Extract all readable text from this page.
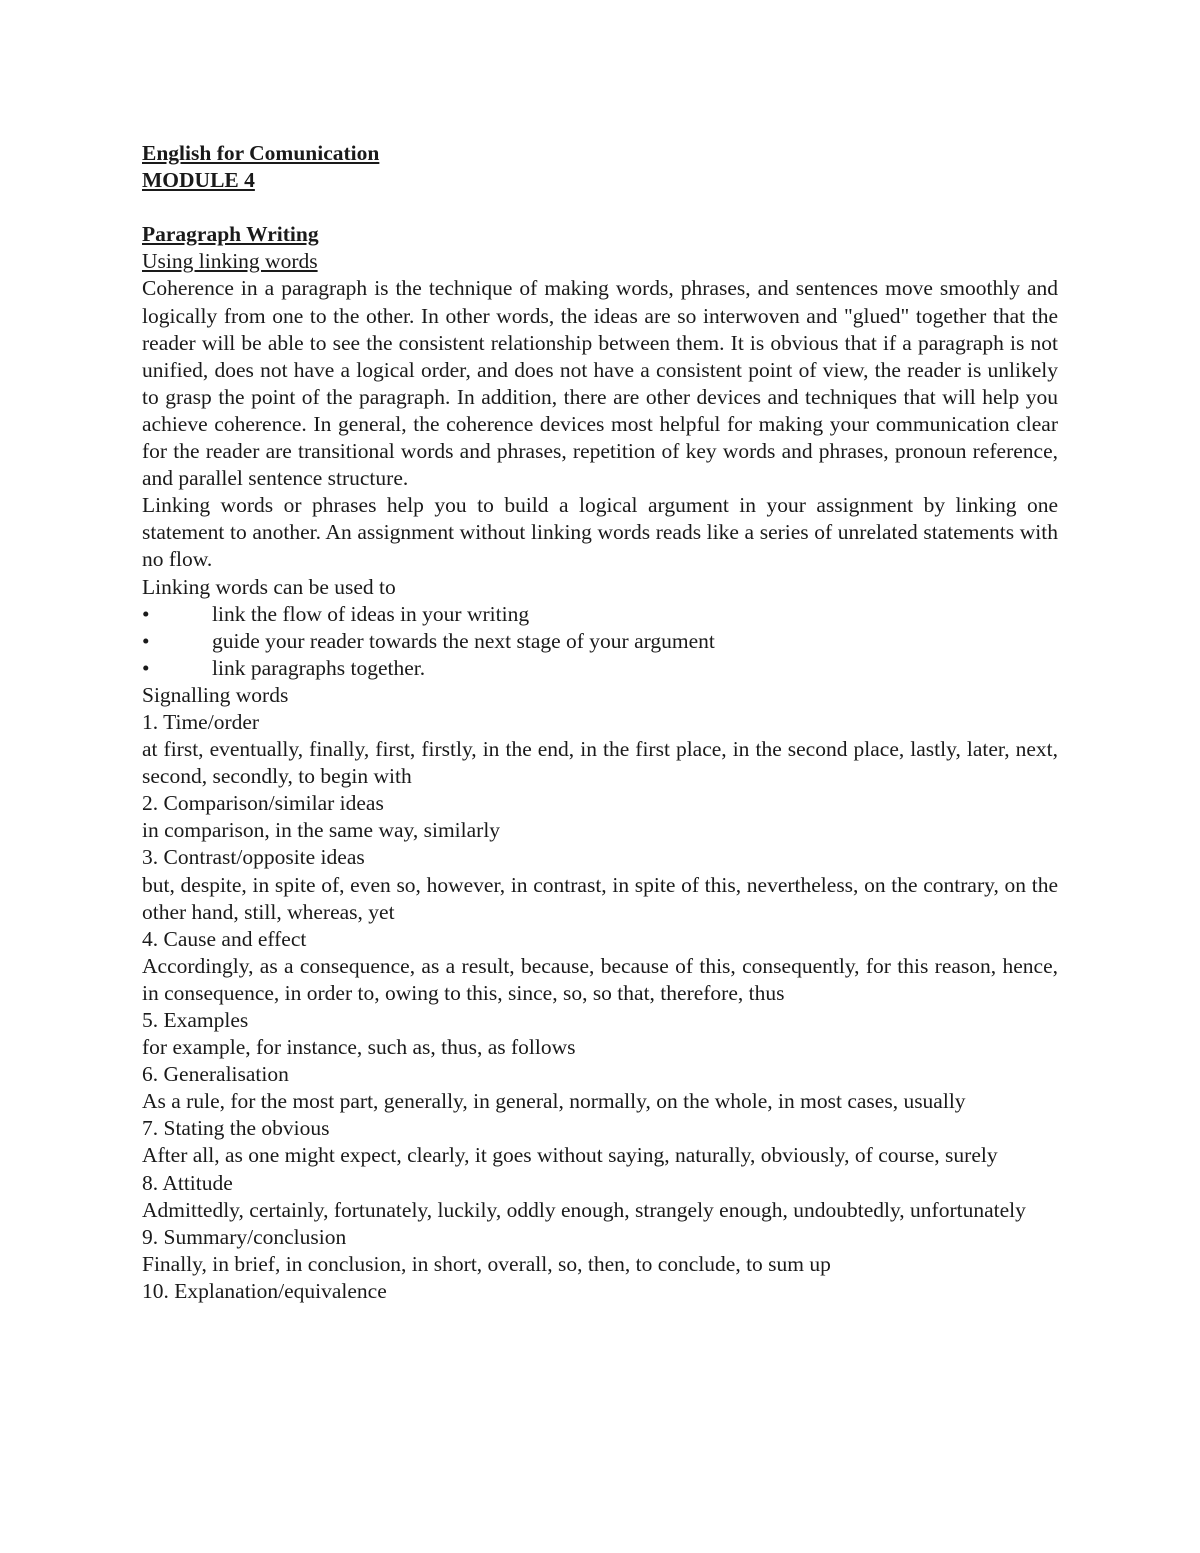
English for Comunication
MODULE 4
Paragraph Writing
Using linking words

Coherence in a paragraph is the technique of making words, phrases, and sentences move smoothly and logically from one to the other. In other words, the ideas are so interwoven and "glued" together that the reader will be able to see the consistent relationship between them. It is obvious that if a paragraph is not unified, does not have a logical order, and does not have a consistent point of view, the reader is unlikely to grasp the point of the paragraph. In addition, there are other devices and techniques that will help you achieve coherence. In general, the coherence devices most helpful for making your communication clear for the reader are transitional words and phrases, repetition of key words and phrases, pronoun reference, and parallel sentence structure.

Linking words or phrases help you to build a logical argument in your assignment by linking one statement to another. An assignment without linking words reads like a series of unrelated statements with no flow.

Linking words can be used to
•	link the flow of ideas in your writing
•	guide your reader towards the next stage of your argument
•	link paragraphs together.
Signalling words
1. Time/order

at first, eventually, finally, first, firstly, in the end, in the first place, in the second place, lastly, later, next, second, secondly, to begin with

2. Comparison/similar ideas

in comparison, in the same way, similarly

3. Contrast/opposite ideas

but, despite, in spite of, even so, however, in contrast, in spite of this, nevertheless, on the contrary, on the other hand, still, whereas, yet

4. Cause and effect

Accordingly, as a consequence, as a result, because, because of this, consequently, for this reason, hence, in consequence, in order to, owing to this, since, so, so that, therefore, thus

5. Examples

for example, for instance, such as, thus, as follows

6. Generalisation

As a rule, for the most part, generally, in general, normally, on the whole, in most cases, usually

7. Stating the obvious

After all, as one might expect, clearly, it goes without saying, naturally, obviously, of course, surely

8. Attitude

Admittedly, certainly, fortunately, luckily, oddly enough, strangely enough, undoubtedly, unfortunately

9. Summary/conclusion

Finally, in brief, in conclusion, in short, overall, so, then, to conclude, to sum up

10. Explanation/equivalence
